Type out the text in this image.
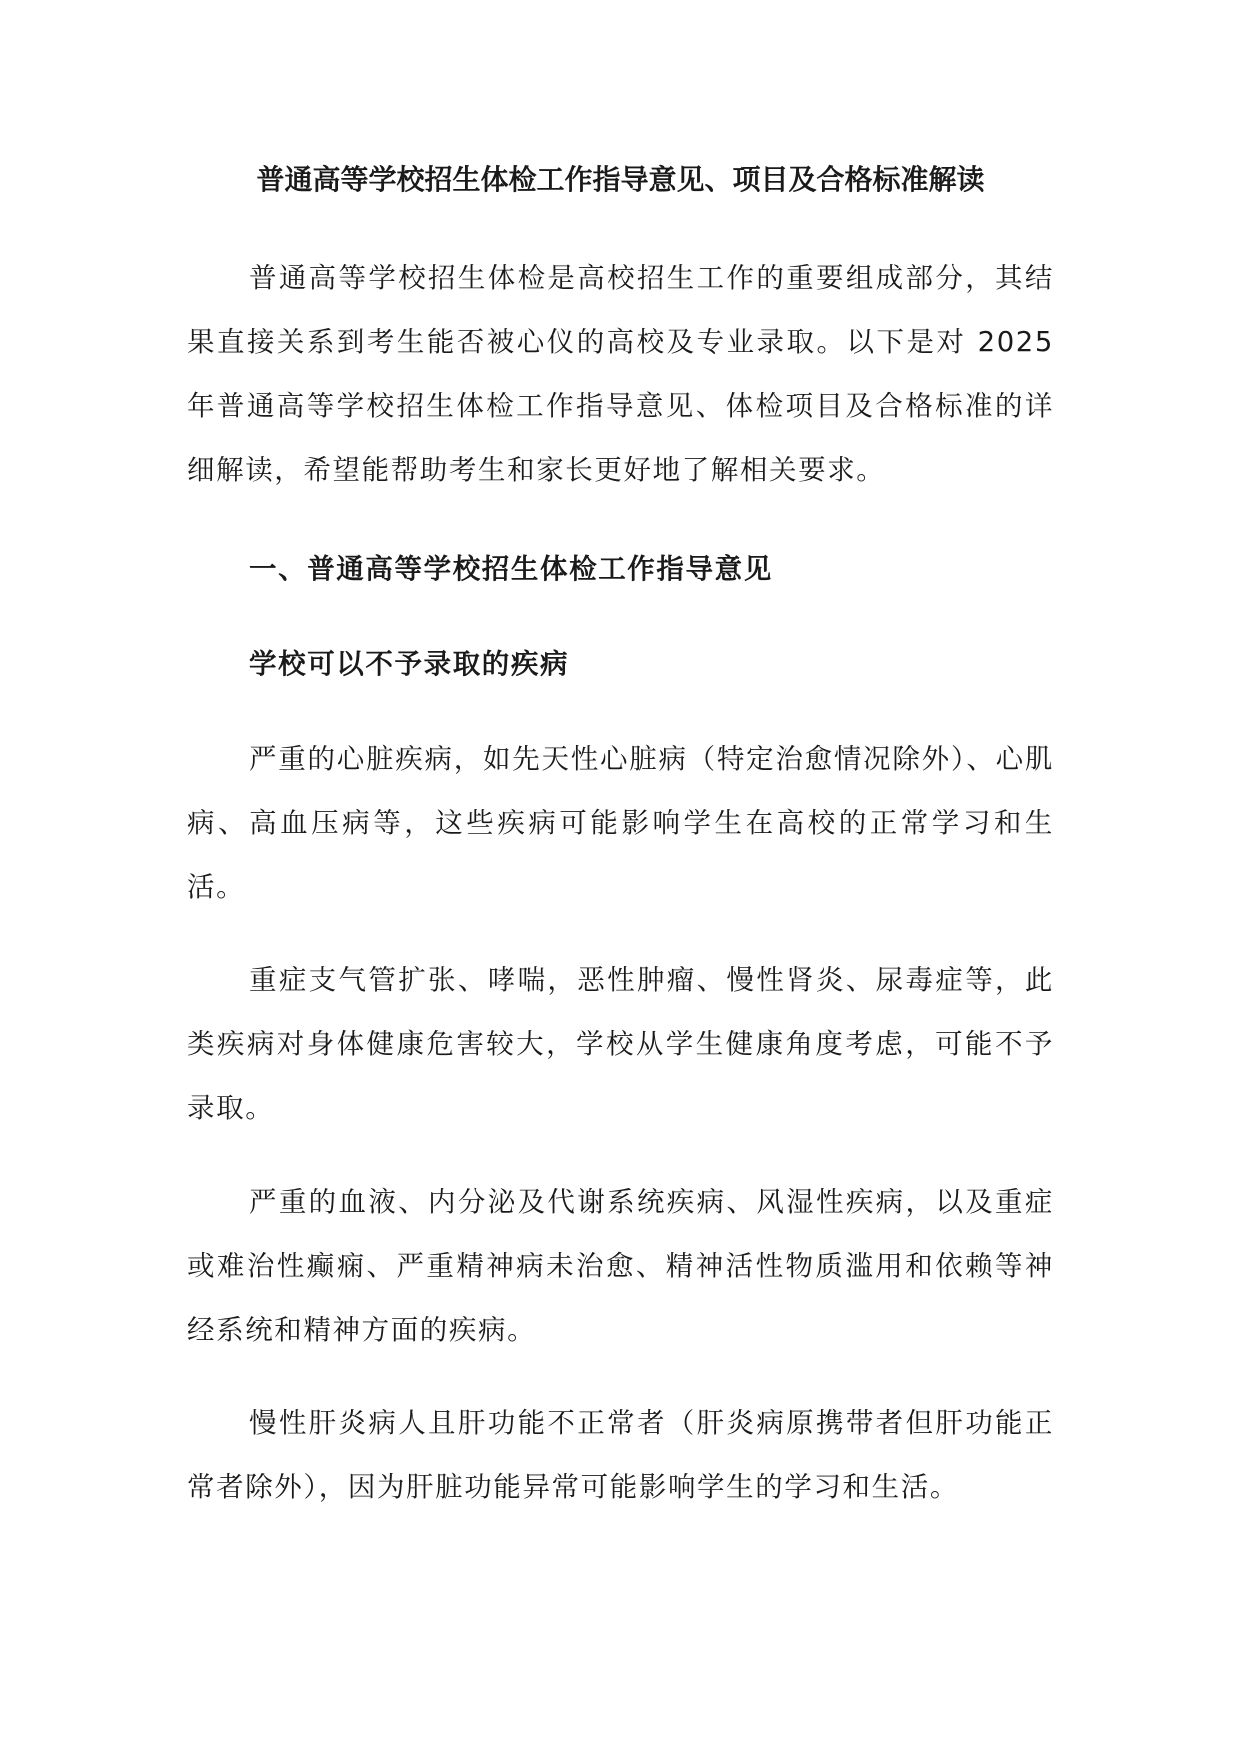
普通高等学校招生体检工作指导意见、项目及合格标准解读

普通高等学校招生体检是高校招生工作的重要组成部分，其结果直接关系到考生能否被心仪的高校及专业录取。以下是对 2025 年普通高等学校招生体检工作指导意见、体检项目及合格标准的详细解读，希望能帮助考生和家长更好地了解相关要求。

一、普通高等学校招生体检工作指导意见

学校可以不予录取的疾病

严重的心脏疾病，如先天性心脏病（特定治愈情况除外）、心肌病、高血压病等，这些疾病可能影响学生在高校的正常学习和生活。

重症支气管扩张、哮喘，恶性肿瘤、慢性肾炎、尿毒症等，此类疾病对身体健康危害较大，学校从学生健康角度考虑，可能不予录取。

严重的血液、内分泌及代谢系统疾病、风湿性疾病，以及重症或难治性癫痫、严重精神病未治愈、精神活性物质滥用和依赖等神经系统和精神方面的疾病。

慢性肝炎病人且肝功能不正常者（肝炎病原携带者但肝功能正常者除外），因为肝脏功能异常可能影响学生的学习和生活。
